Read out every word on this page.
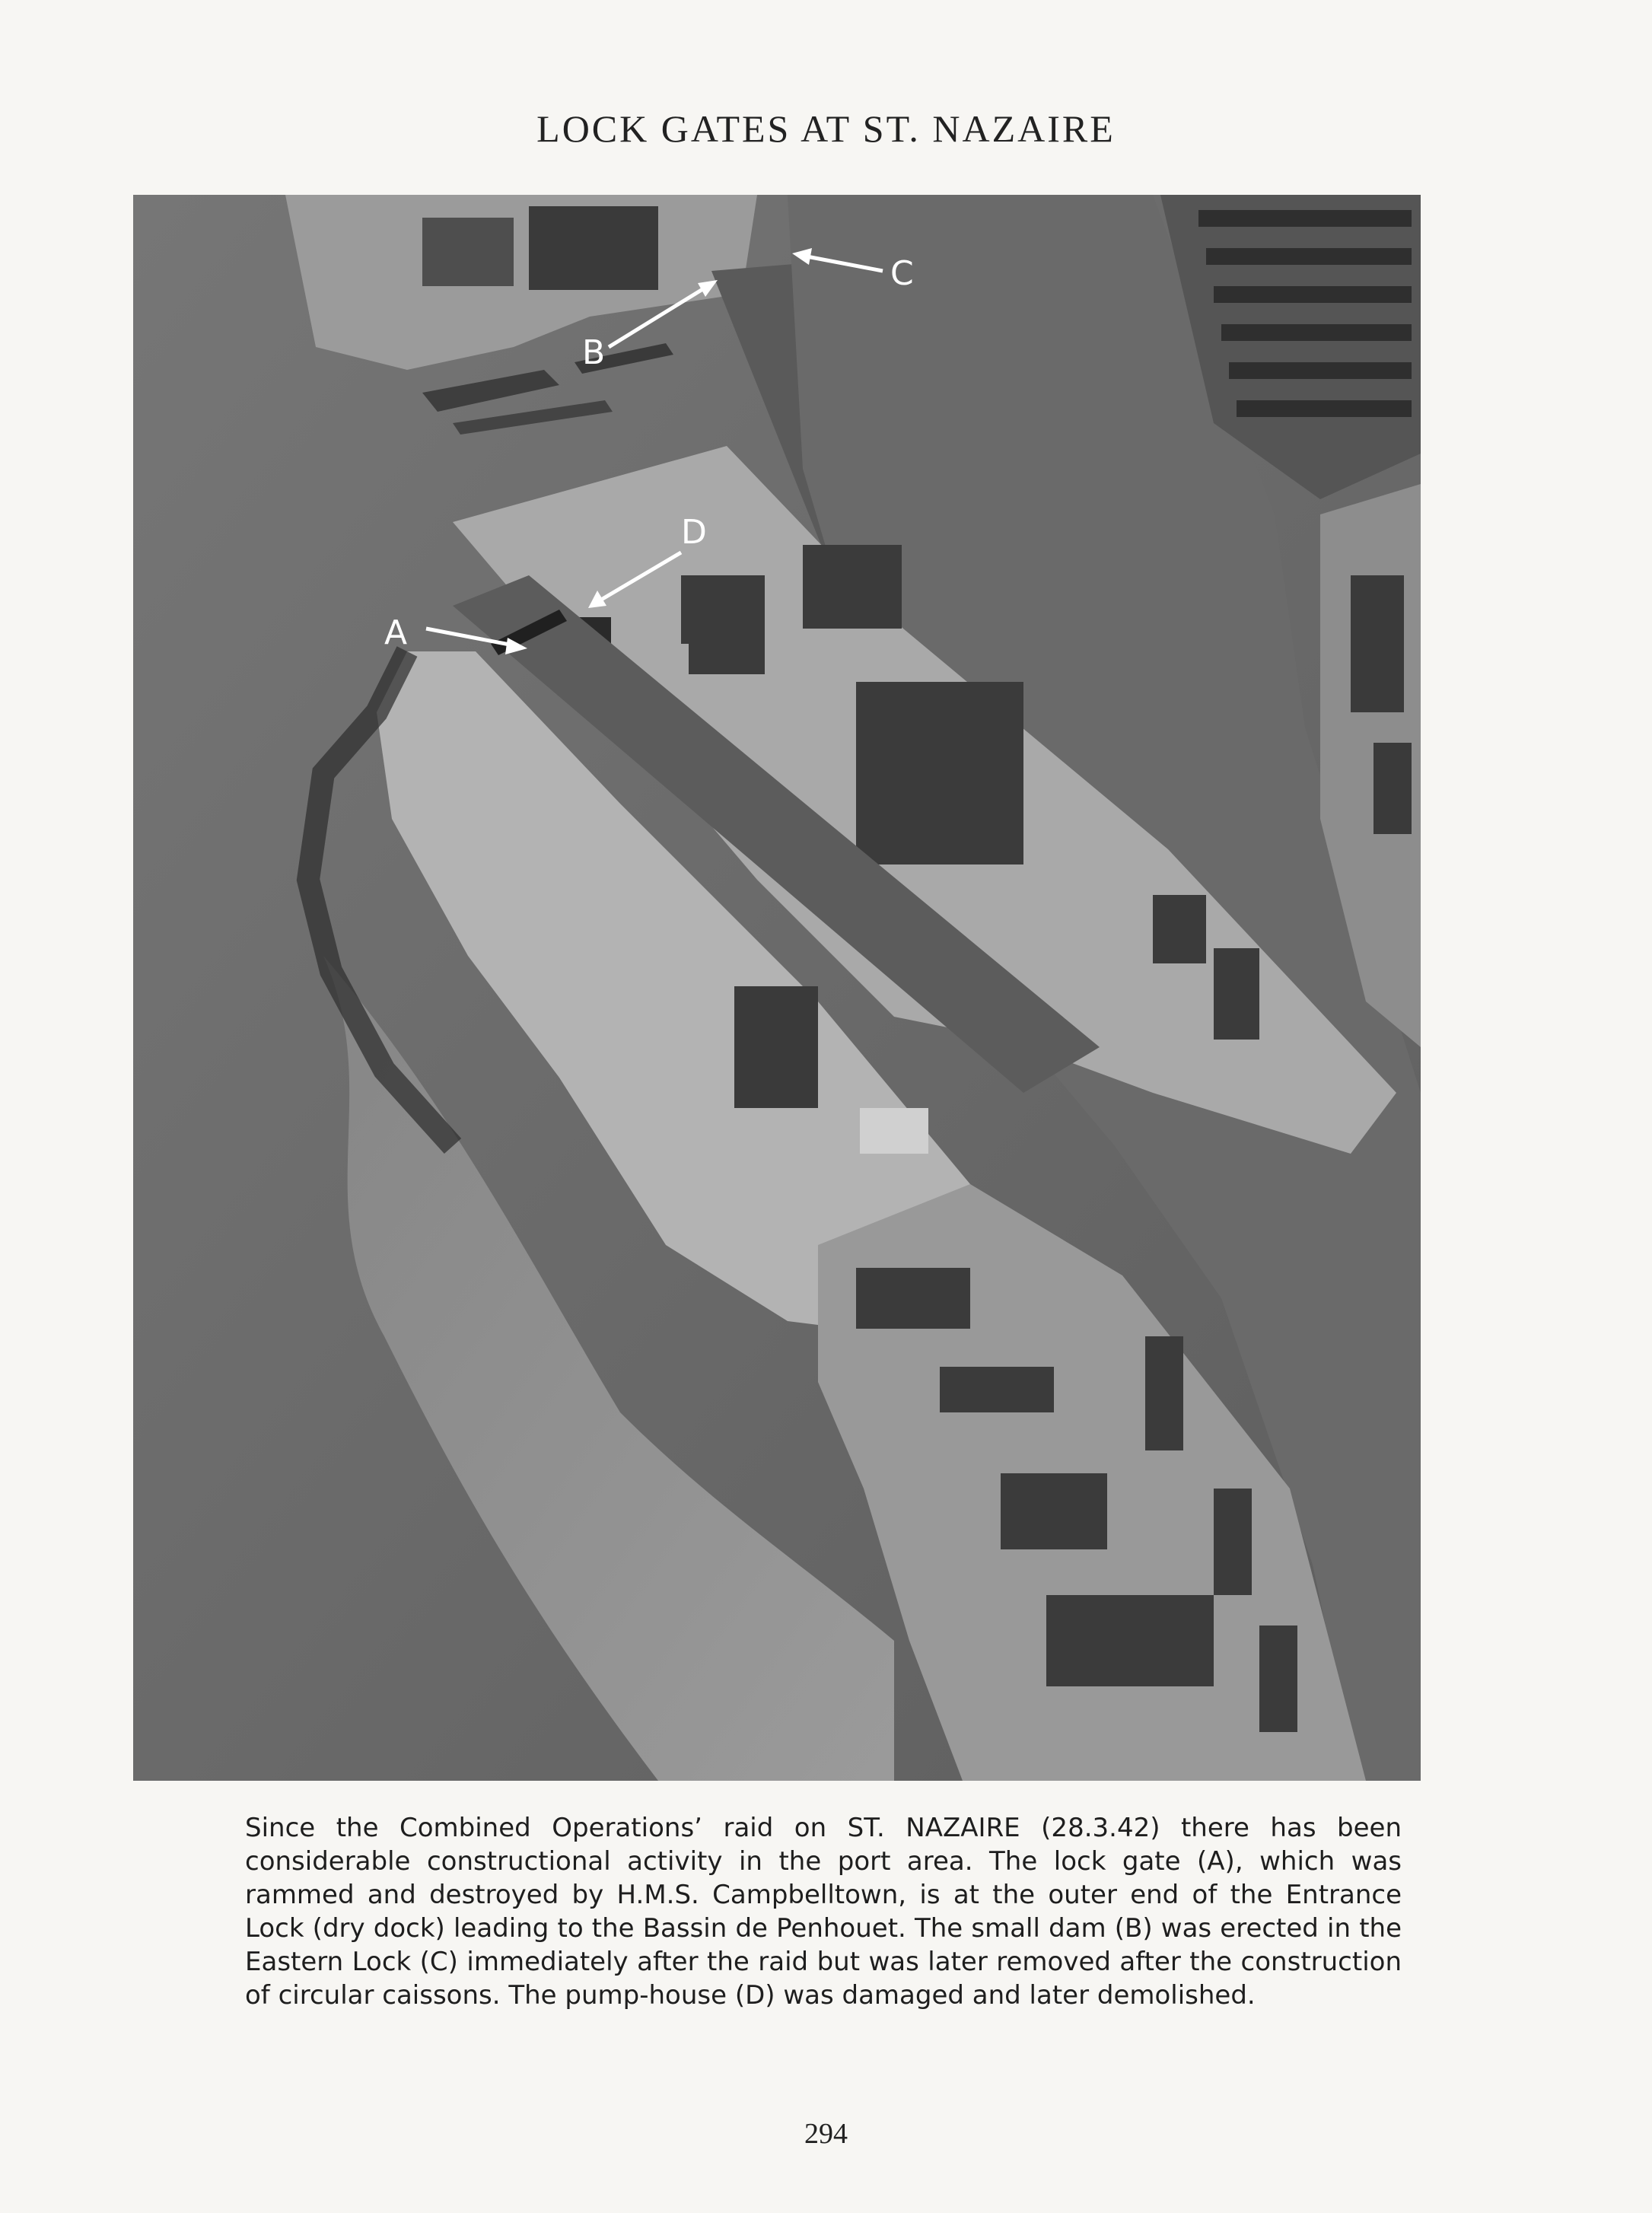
LOCK GATES AT ST. NAZAIRE
A
B
C
D
Since the Combined Operations’ raid on ST. NAZAIRE (28.3.42) there has been considerable constructional activity in the port area. The lock gate (A), which was rammed and destroyed by H.M.S. Campbelltown, is at the outer end of the Entrance Lock (dry dock) leading to the Bassin de Penhouet. The small dam (B) was erected in the Eastern Lock (C) immediately after the raid but was later removed after the construction of circular caissons. The pump-house (D) was damaged and later demolished.
294
